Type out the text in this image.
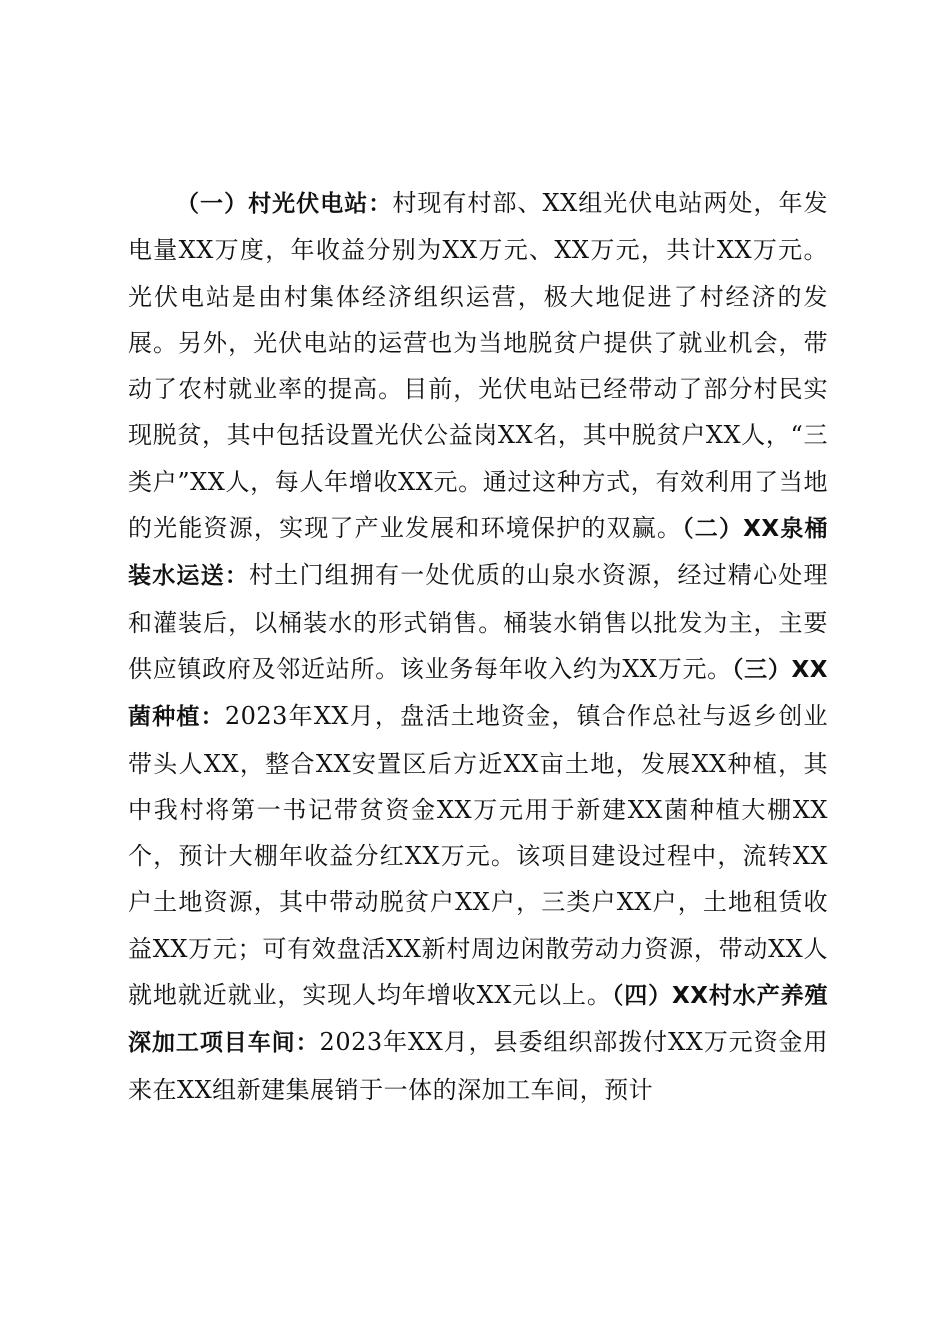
（一）村光伏电站：村现有村部、XX组光伏电站两处，年发电量XX万度，年收益分别为XX万元、XX万元，共计XX万元。光伏电站是由村集体经济组织运营，极大地促进了村经济的发展。另外，光伏电站的运营也为当地脱贫户提供了就业机会，带动了农村就业率的提高。目前，光伏电站已经带动了部分村民实现脱贫，其中包括设置光伏公益岗XX名，其中脱贫户XX人，“三类户”XX人，每人年增收XX元。通过这种方式，有效利用了当地的光能资源，实现了产业发展和环境保护的双赢。（二）XX泉桶装水运送：村土门组拥有一处优质的山泉水资源，经过精心处理和灌装后，以桶装水的形式销售。桶装水销售以批发为主，主要供应镇政府及邻近站所。该业务每年收入约为XX万元。（三）XX菌种植：2023年XX月，盘活土地资金，镇合作总社与返乡创业带头人XX，整合XX安置区后方近XX亩土地，发展XX种植，其中我村将第一书记带贫资金XX万元用于新建XX菌种植大棚XX个，预计大棚年收益分红XX万元。该项目建设过程中，流转XX户土地资源，其中带动脱贫户XX户，三类户XX户，土地租赁收益XX万元；可有效盘活XX新村周边闲散劳动力资源，带动XX人就地就近就业，实现人均年增收XX元以上。（四）XX村水产养殖深加工项目车间：2023年XX月，县委组织部拨付XX万元资金用来在XX组新建集展销于一体的深加工车间，预计
